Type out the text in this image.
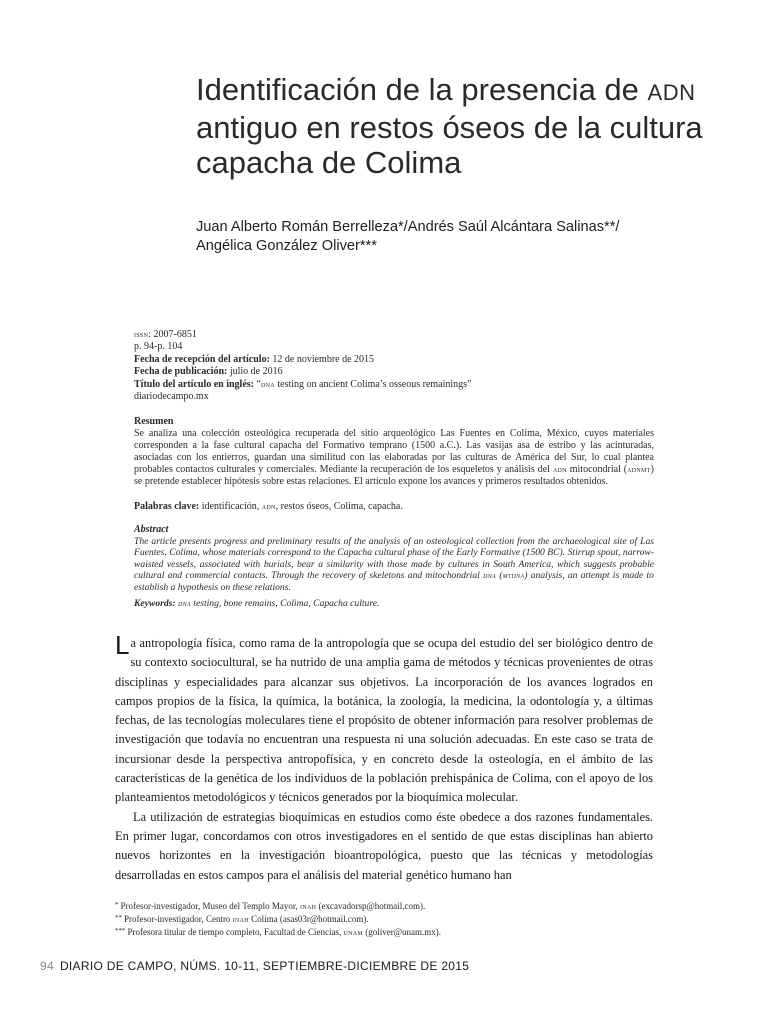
Identificación de la presencia de ADN antiguo en restos óseos de la cultura capacha de Colima
Juan Alberto Román Berrelleza*/Andrés Saúl Alcántara Salinas**/
Angélica González Oliver***
issn: 2007-6851
p. 94-p. 104
Fecha de recepción del artículo: 12 de noviembre de 2015
Fecha de publicación: julio de 2016
Título del artículo en inglés: “dna testing on ancient Colima’s osseous remainings”
diariodecampo.mx
Resumen
Se analiza una colección osteológica recuperada del sitio arqueológico Las Fuentes en Colima, México, cuyos materiales corresponden a la fase cultural capacha del Formativo temprano (1500 a.C.). Las vasijas asa de estribo y las acinturadas, asociadas con los entierros, guardan una similitud con las elaboradas por las culturas de América del Sur, lo cual plantea probables contactos culturales y comerciales. Mediante la recuperación de los esqueletos y análisis del adn mitocondrial (adnmt) se pretende establecer hipótesis sobre estas relaciones. El artículo expone los avances y primeros resultados obtenidos.
Palabras clave: identificación, adn, restos óseos, Colima, capacha.
Abstract
The article presents progress and preliminary results of the analysis of an osteological collection from the archaeological site of Las Fuentes, Colima, whose materials correspond to the Capacha cultural phase of the Early Formative (1500 BC). Stirrup spout, narrow-waisted vessels, associated with burials, bear a similarity with those made by cultures in South America, which suggests probable cultural and commercial contacts. Through the recovery of skeletons and mitochondrial dna (mtdna) analysis, an attempt is made to establish a hypothesis on these relations.
Keywords: dna testing, bone remains, Colima, Capacha culture.

La antropología física, como rama de la antropología que se ocupa del estudio del ser biológico dentro de su contexto sociocultural, se ha nutrido de una amplia gama de métodos y técnicas provenientes de otras disciplinas y especialidades para alcanzar sus objetivos. La incorporación de los avances logrados en campos propios de la física, la química, la botánica, la zoología, la medicina, la odontología y, a últimas fechas, de las tecnologías moleculares tiene el propósito de obtener información para resolver problemas de investigación que todavía no encuentran una respuesta ni una solución adecuadas. En este caso se trata de incursionar desde la perspectiva antropofísica, y en concreto desde la osteología, en el ámbito de las características de la genética de los individuos de la población prehispánica de Colima, con el apoyo de los planteamientos metodológicos y técnicos generados por la bioquímica molecular.

La utilización de estrategias bioquímicas en estudios como éste obedece a dos razones fundamentales. En primer lugar, concordamos con otros investigadores en el sentido de que estas disciplinas han abierto nuevos horizontes en la investigación bioantropológica, puesto que las técnicas y metodologías desarrolladas en estos campos para el análisis del material genético humano han

* Profesor-investigador, Museo del Templo Mayor, inah (excavadorsp@hotmail.com).
** Profesor-investigador, Centro inah Colima (asas03r@hotmail.com).
*** Profesora titular de tiempo completo, Facultad de Ciencias, unam (goliver@unam.mx).
94 DIARIO DE CAMPO, NÚMS. 10-11, SEPTIEMBRE-DICIEMBRE DE 2015
